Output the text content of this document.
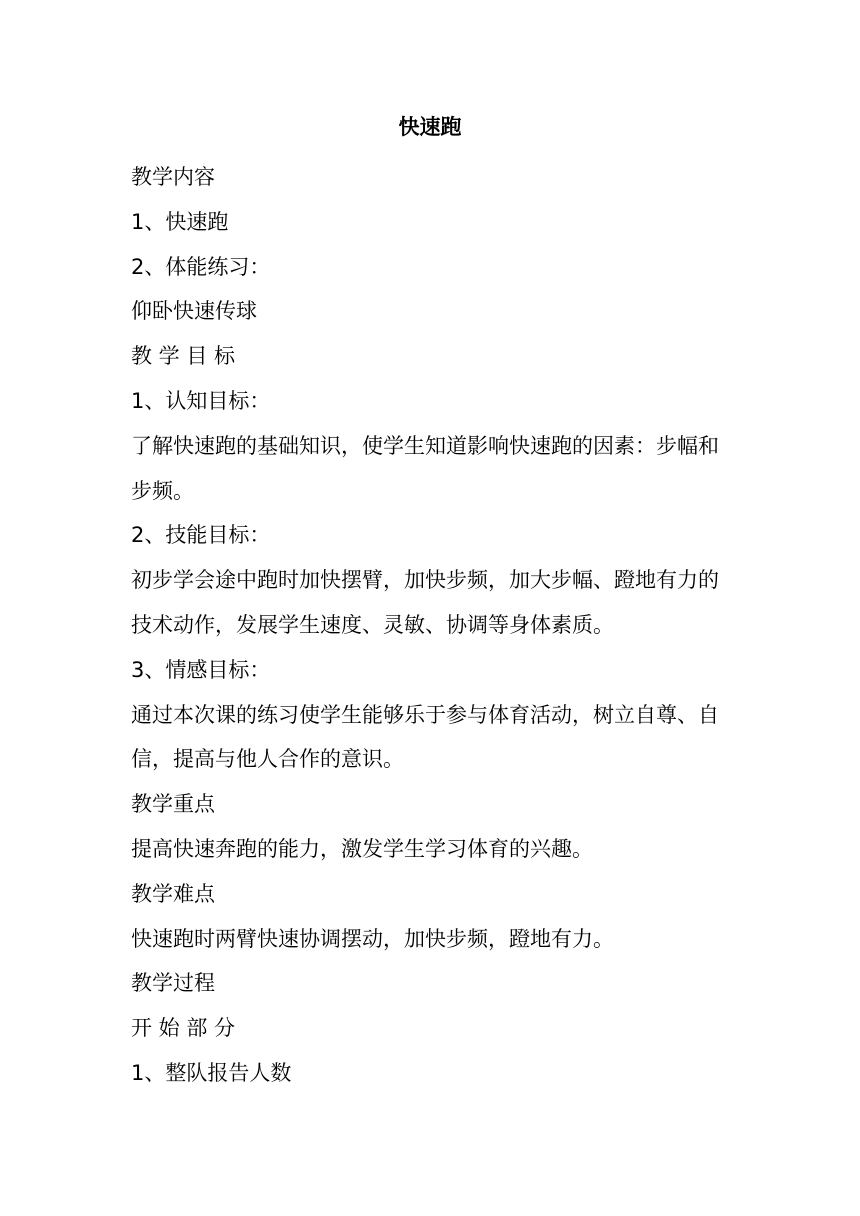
快速跑
教学内容
1、快速跑
2、体能练习：
仰卧快速传球
教 学 目 标
1、认知目标：
了解快速跑的基础知识，使学生知道影响快速跑的因素：步幅和步频。
2、技能目标：
初步学会途中跑时加快摆臂，加快步频，加大步幅、蹬地有力的技术动作，发展学生速度、灵敏、协调等身体素质。
3、情感目标：
通过本次课的练习使学生能够乐于参与体育活动，树立自尊、自信，提高与他人合作的意识。
教学重点
提高快速奔跑的能力，激发学生学习体育的兴趣。
教学难点
快速跑时两臂快速协调摆动，加快步频，蹬地有力。
教学过程
开 始 部 分
1、整队报告人数
